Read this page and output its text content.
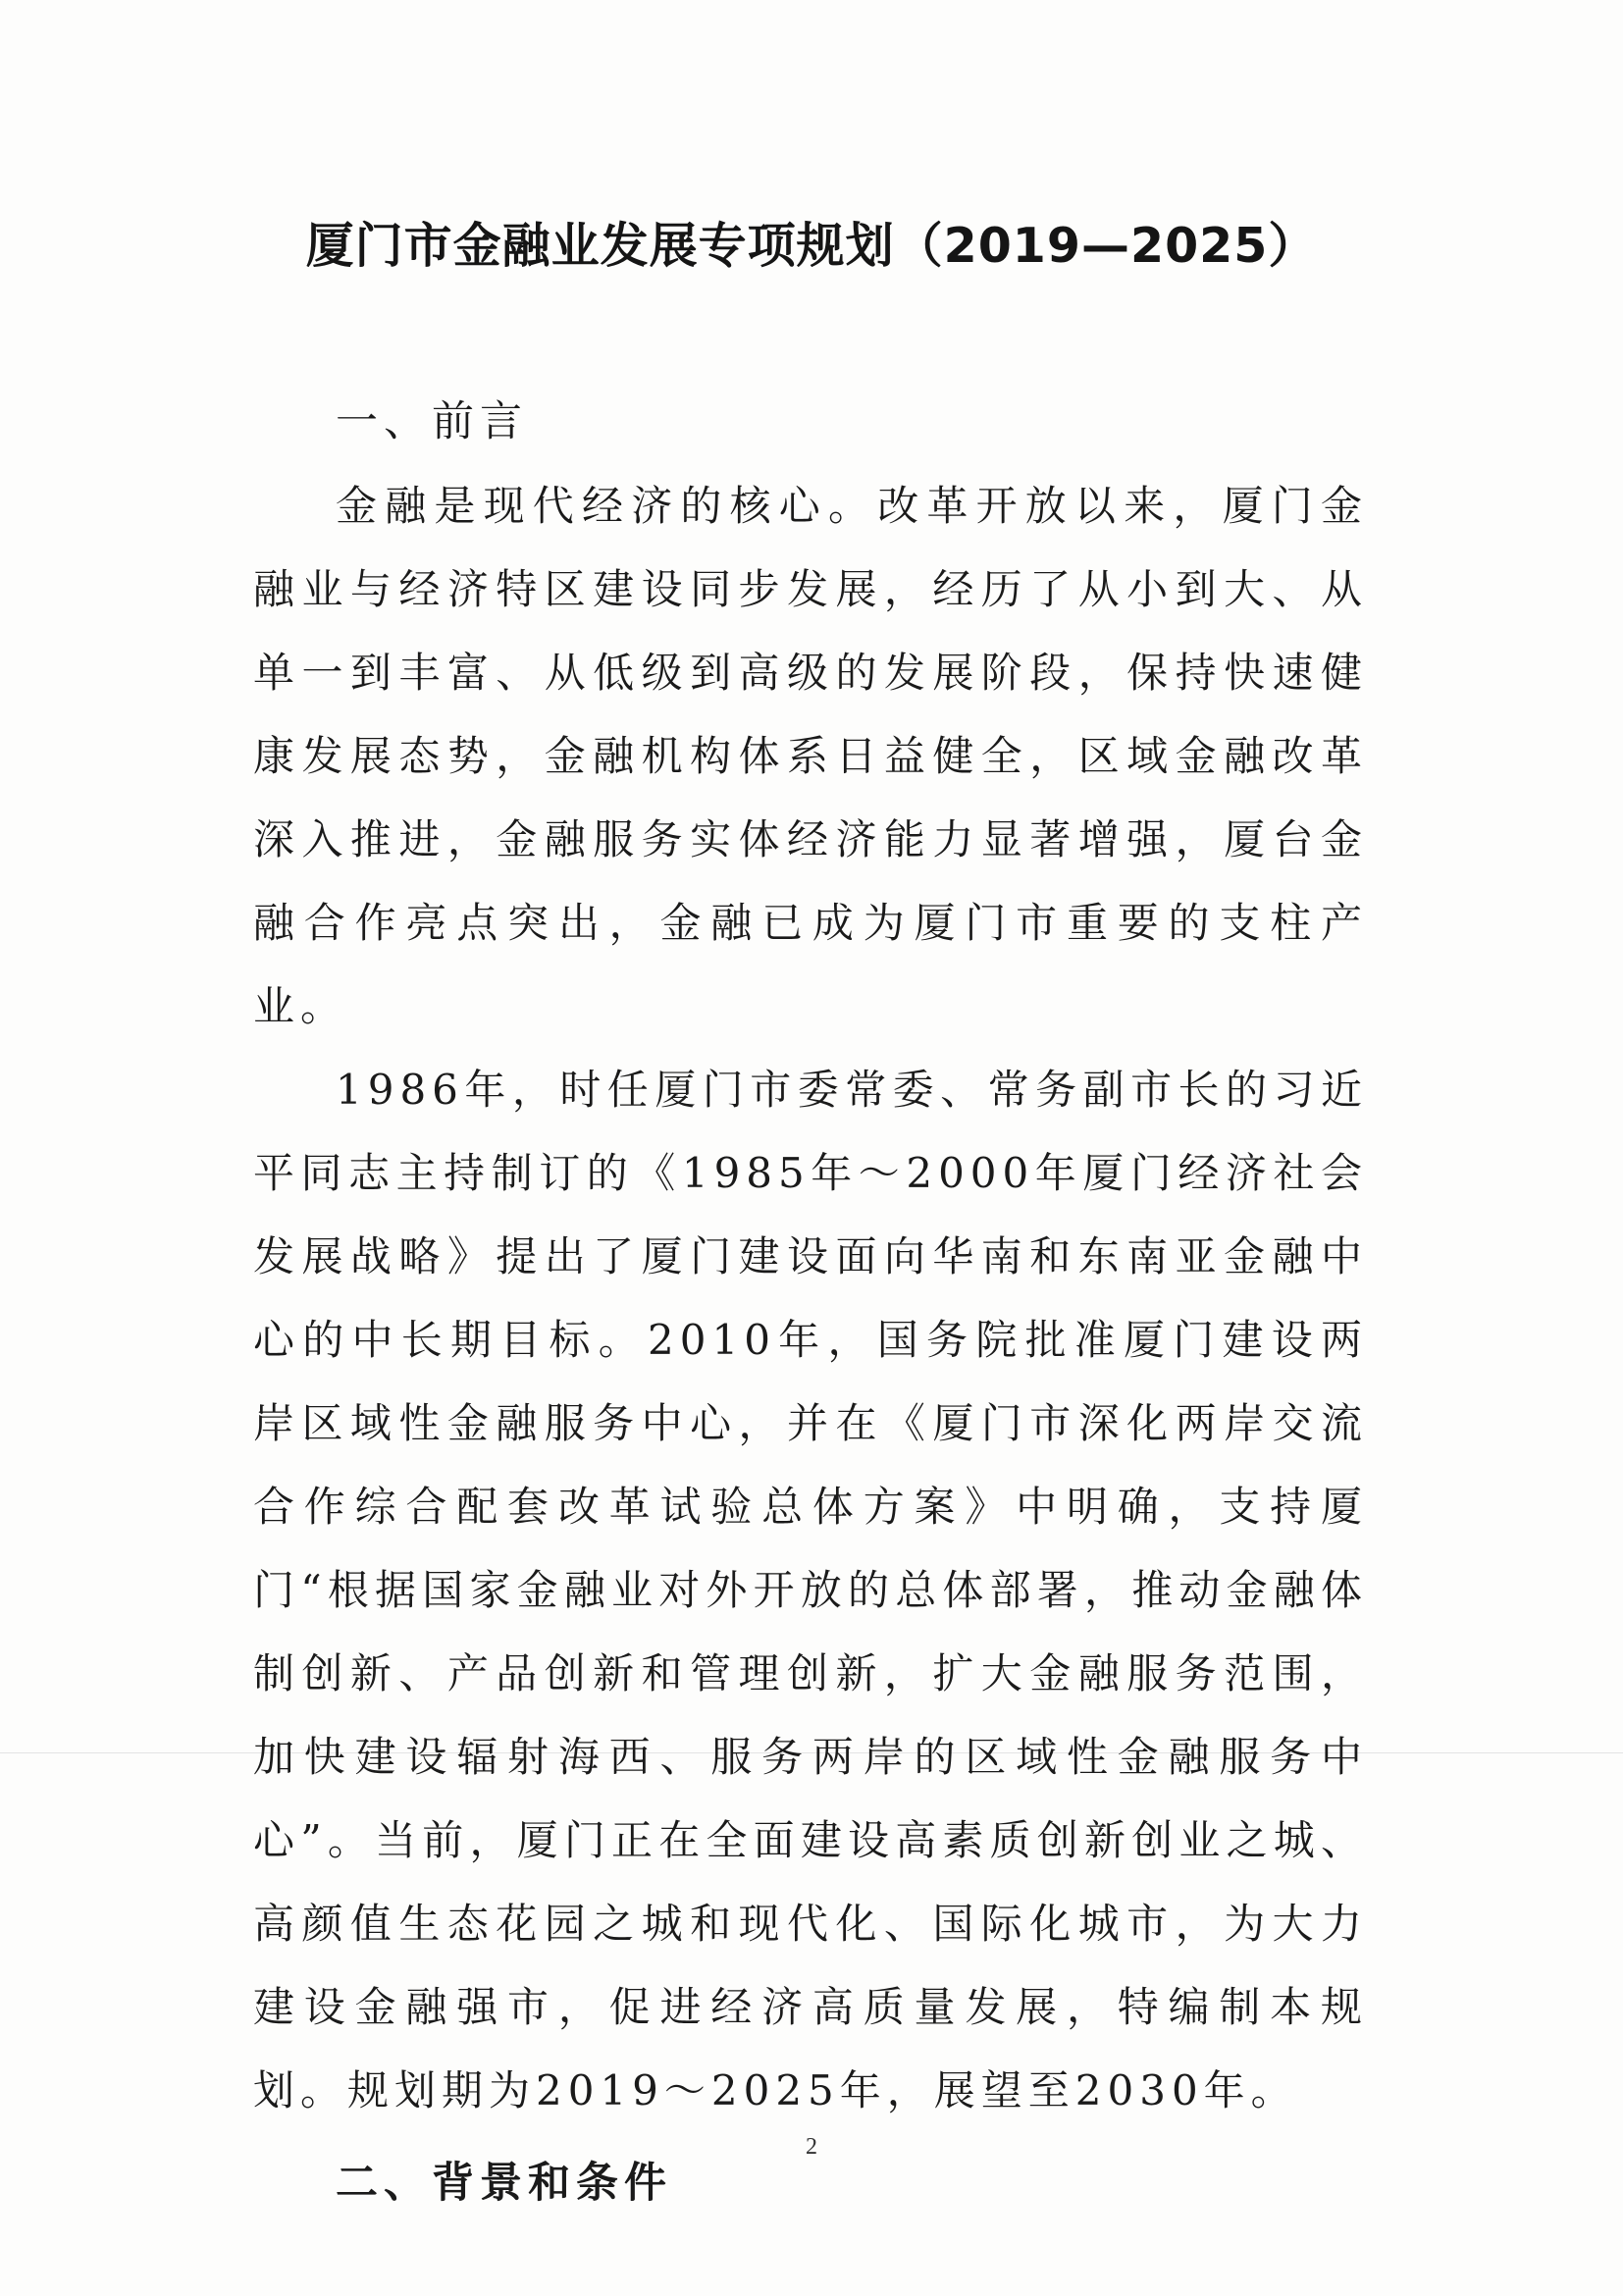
厦门市金融业发展专项规划（2019—2025）

一、前言

金融是现代经济的核心。改革开放以来，厦门金融业与经济特区建设同步发展，经历了从小到大、从单一到丰富、从低级到高级的发展阶段，保持快速健康发展态势，金融机构体系日益健全，区域金融改革深入推进，金融服务实体经济能力显著增强，厦台金融合作亮点突出，金融已成为厦门市重要的支柱产业。

1986年，时任厦门市委常委、常务副市长的习近平同志主持制订的《1985年～2000年厦门经济社会发展战略》提出了厦门建设面向华南和东南亚金融中心的中长期目标。2010年，国务院批准厦门建设两岸区域性金融服务中心，并在《厦门市深化两岸交流合作综合配套改革试验总体方案》中明确，支持厦门“根据国家金融业对外开放的总体部署，推动金融体制创新、产品创新和管理创新，扩大金融服务范围，加快建设辐射海西、服务两岸的区域性金融服务中心”。当前，厦门正在全面建设高素质创新创业之城、高颜值生态花园之城和现代化、国际化城市，为大力建设金融强市，促进经济高质量发展，特编制本规划。规划期为2019～2025年，展望至2030年。

二、背景和条件

2
